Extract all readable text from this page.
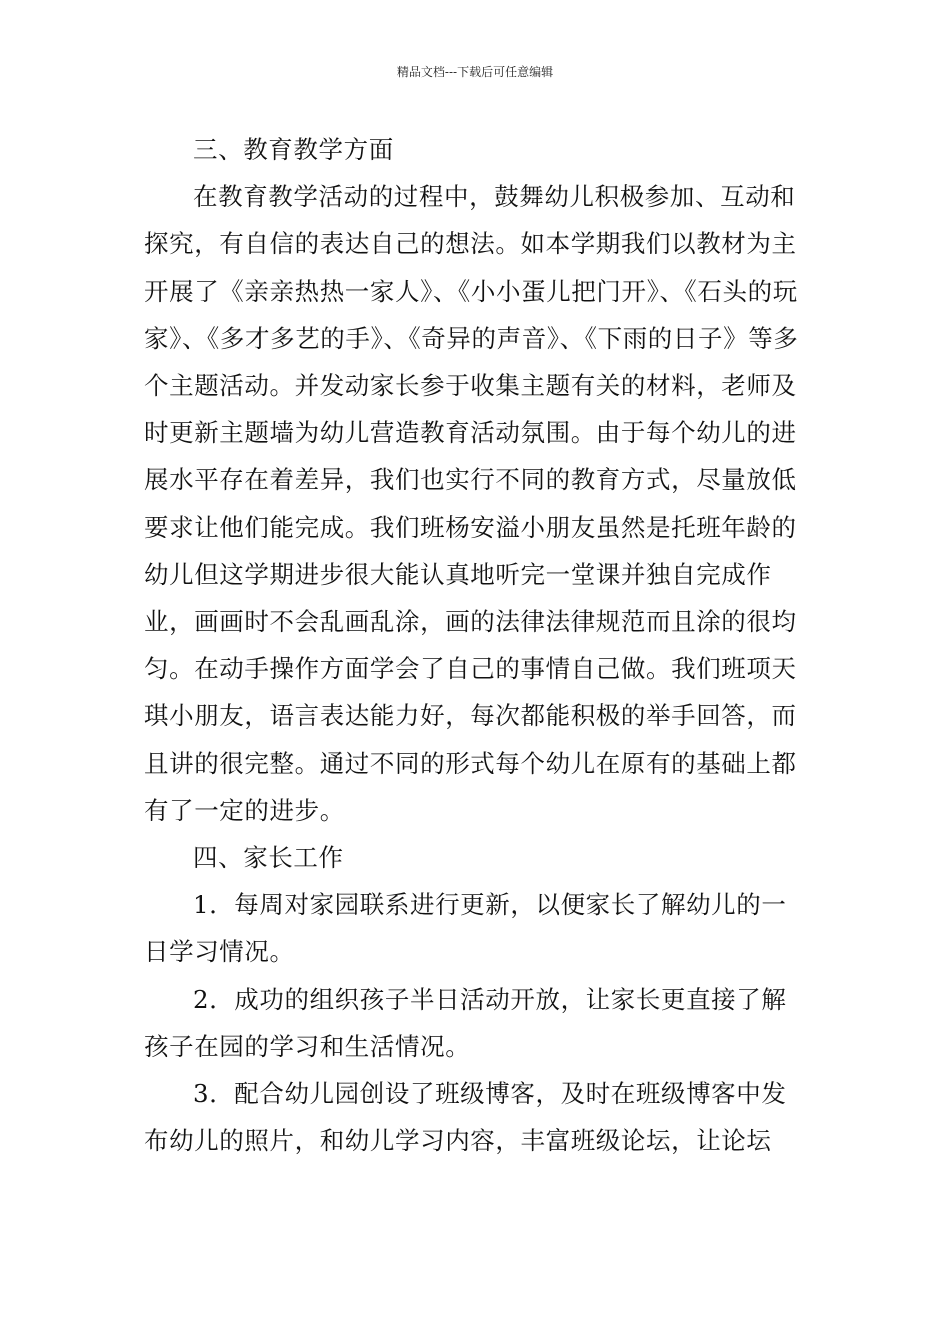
精品文档---下载后可任意编辑

三、教育教学方面

在教育教学活动的过程中，鼓舞幼儿积极参加、互动和探究，有自信的表达自己的想法。如本学期我们以教材为主开展了《亲亲热热一家人》、《小小蛋儿把门开》、《石头的玩家》、《多才多艺的手》、《奇异的声音》、《下雨的日子》等多个主题活动。并发动家长参于收集主题有关的材料，老师及时更新主题墙为幼儿营造教育活动氛围。由于每个幼儿的进展水平存在着差异，我们也实行不同的教育方式，尽量放低要求让他们能完成。我们班杨安溢小朋友虽然是托班年龄的幼儿但这学期进步很大能认真地听完一堂课并独自完成作业，画画时不会乱画乱涂，画的法律法律规范而且涂的很均匀。在动手操作方面学会了自己的事情自己做。我们班项天琪小朋友，语言表达能力好，每次都能积极的举手回答，而且讲的很完整。通过不同的形式每个幼儿在原有的基础上都有了一定的进步。

四、家长工作

1．每周对家园联系进行更新，以便家长了解幼儿的一日学习情况。

2．成功的组织孩子半日活动开放，让家长更直接了解孩子在园的学习和生活情况。

3．配合幼儿园创设了班级博客，及时在班级博客中发布幼儿的照片，和幼儿学习内容，丰富班级论坛，让论坛
